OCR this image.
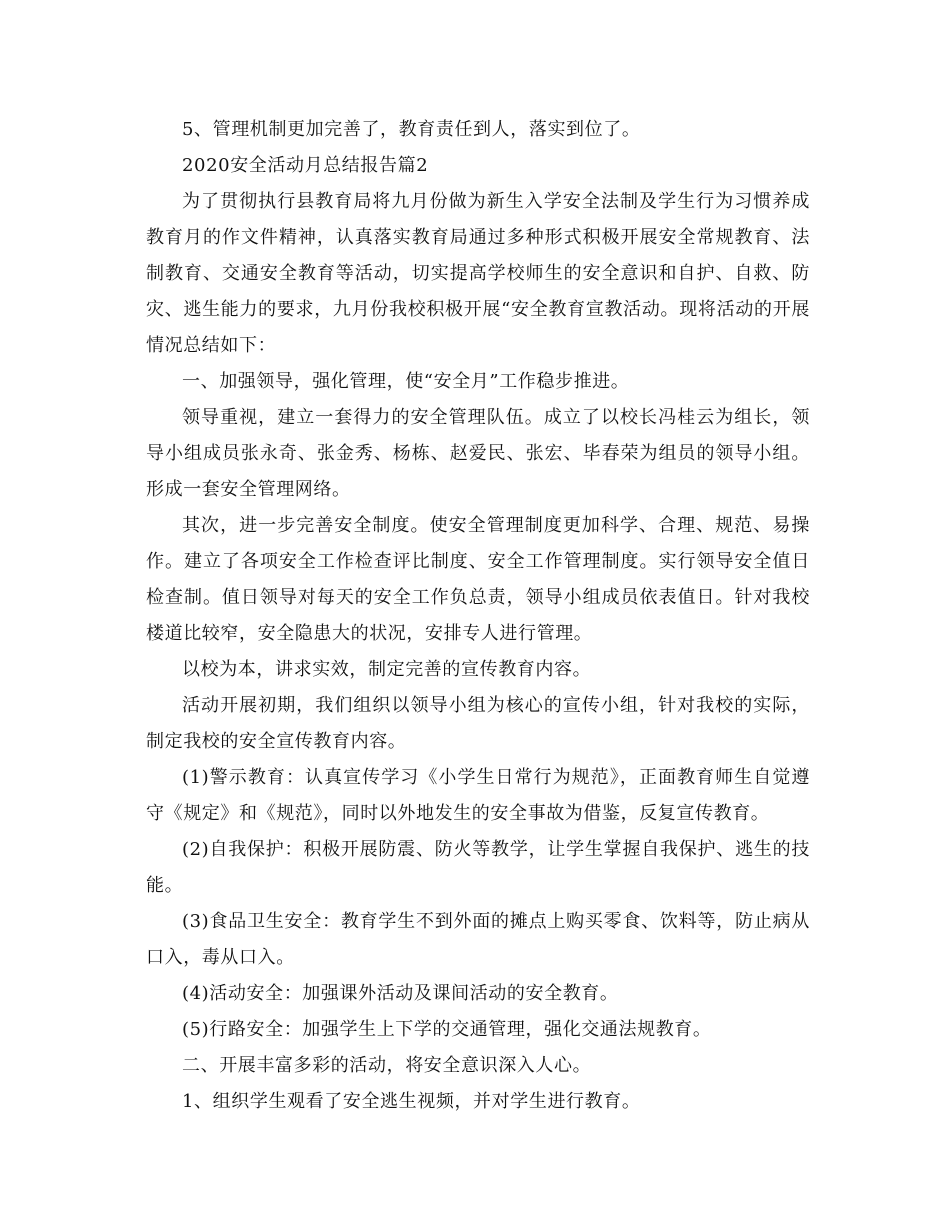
5、管理机制更加完善了，教育责任到人，落实到位了。

2020安全活动月总结报告篇2

为了贯彻执行县教育局将九月份做为新生入学安全法制及学生行为习惯养成教育月的作文件精神，认真落实教育局通过多种形式积极开展安全常规教育、法制教育、交通安全教育等活动，切实提高学校师生的安全意识和自护、自救、防灾、逃生能力的要求，九月份我校积极开展“安全教育宣教活动。现将活动的开展情况总结如下：

一、加强领导，强化管理，使“安全月”工作稳步推进。

领导重视，建立一套得力的安全管理队伍。成立了以校长冯桂云为组长，领导小组成员张永奇、张金秀、杨栋、赵爱民、张宏、毕春荣为组员的领导小组。形成一套安全管理网络。

其次，进一步完善安全制度。使安全管理制度更加科学、合理、规范、易操作。建立了各项安全工作检查评比制度、安全工作管理制度。实行领导安全值日检查制。值日领导对每天的安全工作负总责，领导小组成员依表值日。针对我校楼道比较窄，安全隐患大的状况，安排专人进行管理。

以校为本，讲求实效，制定完善的宣传教育内容。

活动开展初期，我们组织以领导小组为核心的宣传小组，针对我校的实际，制定我校的安全宣传教育内容。

(1)警示教育：认真宣传学习《小学生日常行为规范》，正面教育师生自觉遵守《规定》和《规范》，同时以外地发生的安全事故为借鉴，反复宣传教育。

(2)自我保护：积极开展防震、防火等教学，让学生掌握自我保护、逃生的技能。

(3)食品卫生安全：教育学生不到外面的摊点上购买零食、饮料等，防止病从口入，毒从口入。

(4)活动安全：加强课外活动及课间活动的安全教育。

(5)行路安全：加强学生上下学的交通管理，强化交通法规教育。

二、开展丰富多彩的活动，将安全意识深入人心。

1、组织学生观看了安全逃生视频，并对学生进行教育。
